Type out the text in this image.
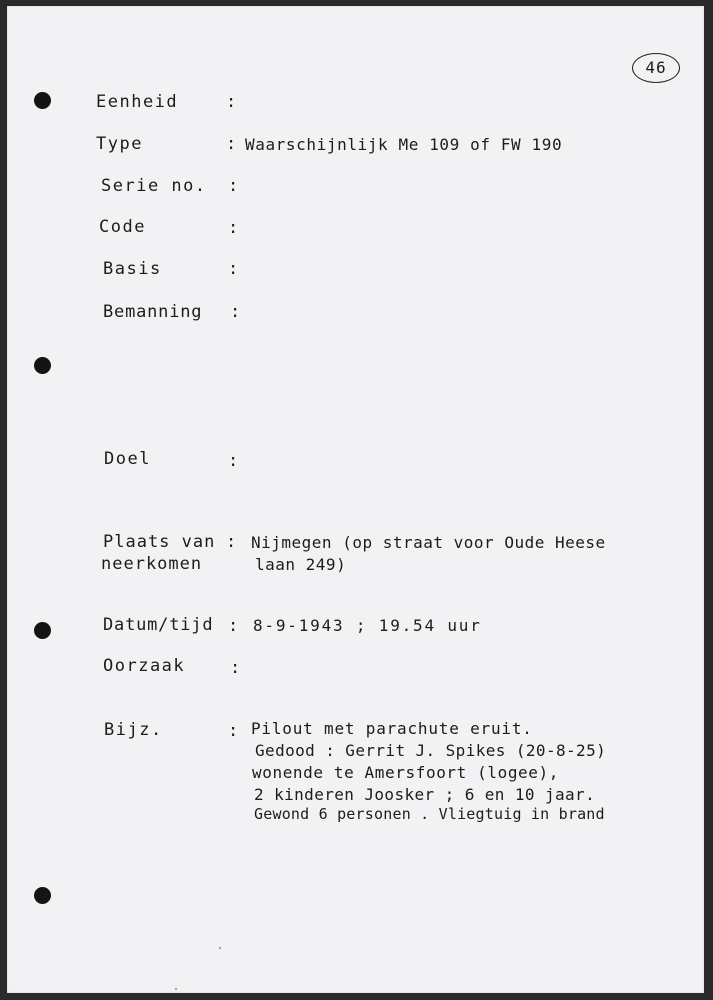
46
Eenheid	:
Type	: Waarschijnlijk Me 109 of FW 190
Serie no. :
Code	:
Basis	:
Bemanning :
Doel	:
Plaats van
neerkomen
: Nijmegen (op straat voor Oude Heese
laan 249)
Datum/tijd : 8-9-1943 ; 19.54 uur
Oorzaak	:
Bijz.	: Pilout met parachute eruit.
Gedood : Gerrit J. Spikes (20-8-25)
wonende te Amersfoort (logee),
2 kinderen Joosker ; 6 en 10 jaar.
Gewond 6 personen . Vliegtuig in brand
